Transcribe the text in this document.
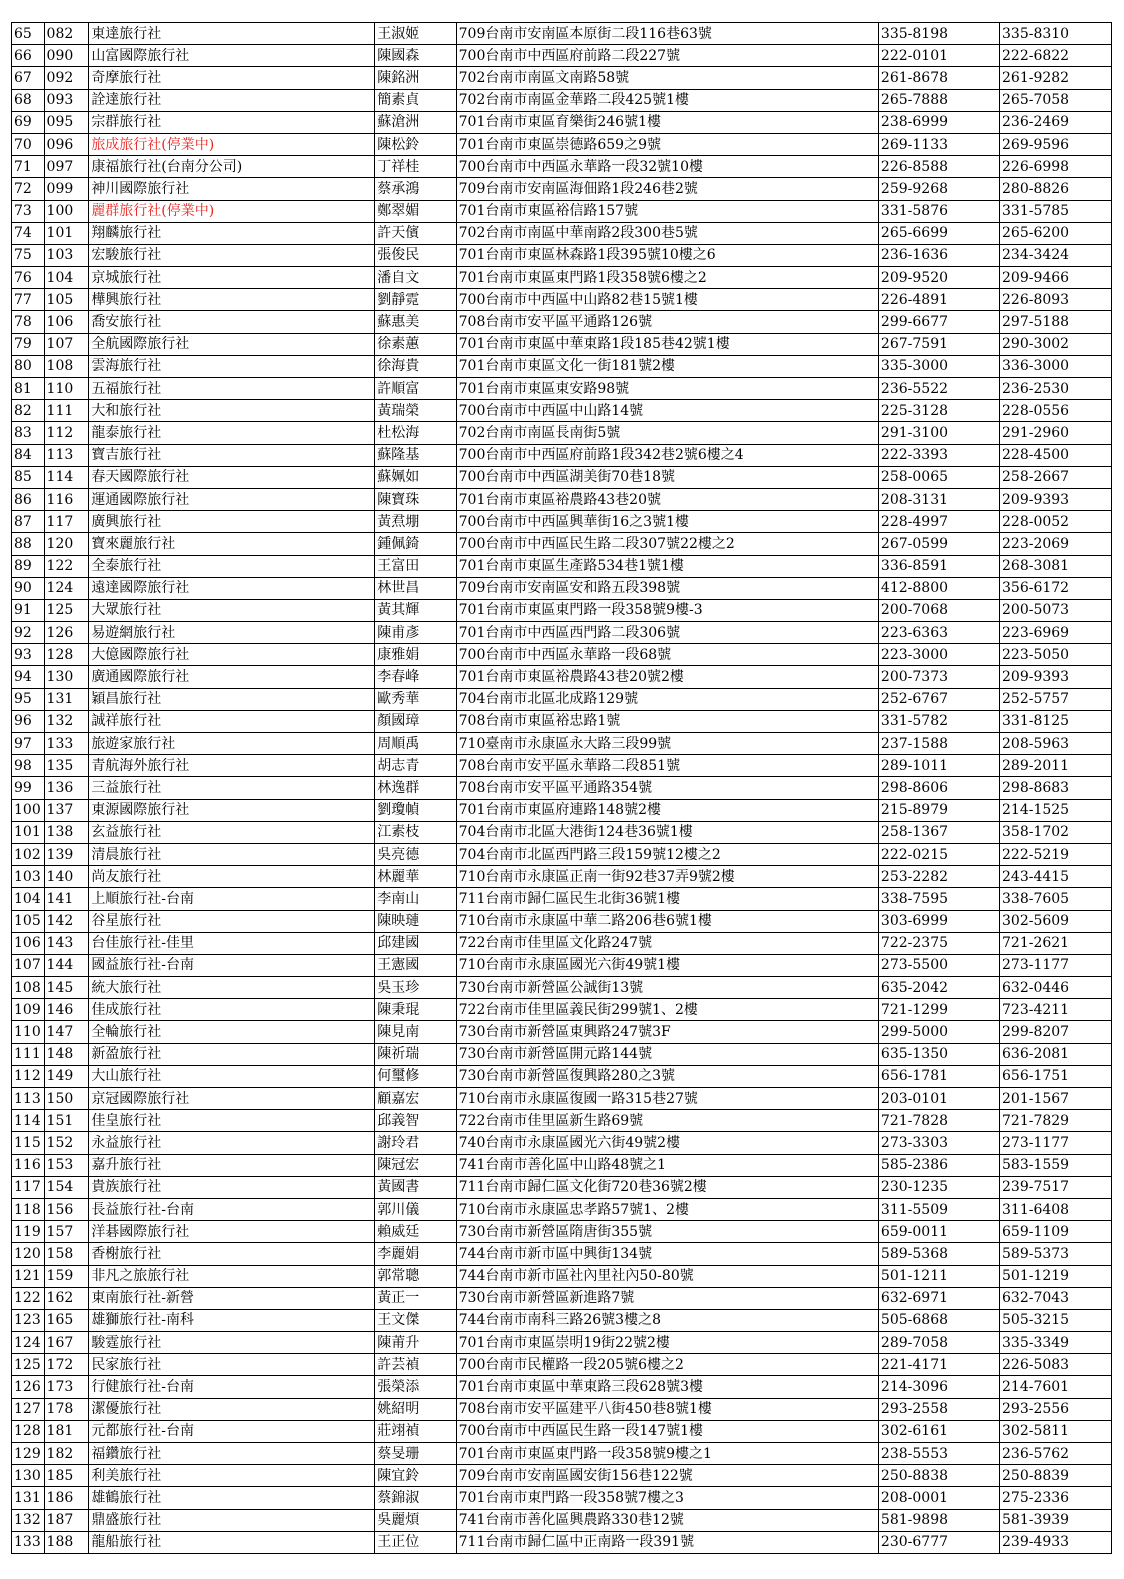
65	082	東達旅行社	王淑姬	709台南市安南區本原街二段116巷63號	335-8198	335-8310
66	090	山富國際旅行社	陳國森	700台南市中西區府前路二段227號	222-0101	222-6822
67	092	奇摩旅行社	陳銘洲	702台南市南區文南路58號	261-8678	261-9282
68	093	詮達旅行社	簡素貞	702台南市南區金華路二段425號1樓	265-7888	265-7058
69	095	宗群旅行社	蘇滄洲	701台南市東區育樂街246號1樓	238-6999	236-2469
70	096	旅成旅行社(停業中)	陳松鈴	701台南市東區崇德路659之9號	269-1133	269-9596
71	097	康福旅行社(台南分公司)	丁祥桂	700台南市中西區永華路一段32號10樓	226-8588	226-6998
72	099	神川國際旅行社	蔡承鴻	709台南市安南區海佃路1段246巷2號	259-9268	280-8826
73	100	麗群旅行社(停業中)	鄭翠媚	701台南市東區裕信路157號	331-5876	331-5785
74	101	翔麟旅行社	許天儐	702台南市南區中華南路2段300巷5號	265-6699	265-6200
75	103	宏駿旅行社	張俊民	701台南市東區林森路1段395號10樓之6	236-1636	234-3424
76	104	京城旅行社	潘自文	701台南市東區東門路1段358號6樓之2	209-9520	209-9466
77	105	樺興旅行社	劉靜霓	700台南市中西區中山路82巷15號1樓	226-4891	226-8093
78	106	喬安旅行社	蘇惠美	708台南市安平區平通路126號	299-6677	297-5188
79	107	全航國際旅行社	徐素蕙	701台南市東區中華東路1段185巷42號1樓	267-7591	290-3002
80	108	雲海旅行社	徐海貴	701台南市東區文化一街181號2樓	335-3000	336-3000
81	110	五福旅行社	許順富	701台南市東區東安路98號	236-5522	236-2530
82	111	大和旅行社	黃瑞榮	700台南市中西區中山路14號	225-3128	228-0556
83	112	龍泰旅行社	杜松海	702台南市南區長南街5號	291-3100	291-2960
84	113	寶吉旅行社	蘇隆基	700台南市中西區府前路1段342巷2號6樓之4	222-3393	228-4500
85	114	春天國際旅行社	蘇姵如	700台南市中西區湖美街70巷18號	258-0065	258-2667
86	116	運通國際旅行社	陳寶珠	701台南市東區裕農路43巷20號	208-3131	209-9393
87	117	廣興旅行社	黃焄堋	700台南市中西區興華街16之3號1樓	228-4997	228-0052
88	120	寶來麗旅行社	鍾佩錡	700台南市中西區民生路二段307號22樓之2	267-0599	223-2069
89	122	全泰旅行社	王富田	701台南市東區生產路534巷1號1樓	336-8591	268-3081
90	124	遠達國際旅行社	林世昌	709台南市安南區安和路五段398號	412-8800	356-6172
91	125	大眾旅行社	黃其輝	701台南市東區東門路一段358號9樓-3	200-7068	200-5073
92	126	易遊網旅行社	陳甫彥	701台南市中西區西門路二段306號	223-6363	223-6969
93	128	大億國際旅行社	康雅娟	700台南市中西區永華路一段68號	223-3000	223-5050
94	130	廣通國際旅行社	李春峰	701台南市東區裕農路43巷20號2樓	200-7373	209-9393
95	131	穎昌旅行社	歐秀華	704台南市北區北成路129號	252-6767	252-5757
96	132	誠祥旅行社	顏國璋	708台南市東區裕忠路1號	331-5782	331-8125
97	133	旅遊家旅行社	周順禹	710臺南市永康區永大路三段99號	237-1588	208-5963
98	135	青航海外旅行社	胡志青	708台南市安平區永華路二段851號	289-1011	289-2011
99	136	三益旅行社	林逸群	708台南市安平區平通路354號	298-8606	298-8683
100	137	東源國際旅行社	劉瓊幀	701台南市東區府連路148號2樓	215-8979	214-1525
101	138	玄益旅行社	江素枝	704台南市北區大港街124巷36號1樓	258-1367	358-1702
102	139	清晨旅行社	吳亮德	704台南市北區西門路三段159號12樓之2	222-0215	222-5219
103	140	尚友旅行社	林麗華	710台南市永康區正南一街92巷37弄9號2樓	253-2282	243-4415
104	141	上順旅行社-台南	李南山	711台南市歸仁區民生北街36號1樓	338-7595	338-7605
105	142	谷星旅行社	陳映璉	710台南市永康區中華二路206巷6號1樓	303-6999	302-5609
106	143	台佳旅行社-佳里	邱建國	722台南市佳里區文化路247號	722-2375	721-2621
107	144	國益旅行社-台南	王憲國	710台南市永康區國光六街49號1樓	273-5500	273-1177
108	145	統大旅行社	吳玉珍	730台南市新營區公誠街13號	635-2042	632-0446
109	146	佳成旅行社	陳秉琨	722台南市佳里區義民街299號1、2樓	721-1299	723-4211
110	147	全輪旅行社	陳見南	730台南市新營區東興路247號3F	299-5000	299-8207
111	148	新盈旅行社	陳祈瑞	730台南市新營區開元路144號	635-1350	636-2081
112	149	大山旅行社	何璽修	730台南市新營區復興路280之3號	656-1781	656-1751
113	150	京冠國際旅行社	顧嘉宏	710台南市永康區復國一路315巷27號	203-0101	201-1567
114	151	佳皇旅行社	邱義智	722台南市佳里區新生路69號	721-7828	721-7829
115	152	永益旅行社	謝玲君	740台南市永康區國光六街49號2樓	273-3303	273-1177
116	153	嘉升旅行社	陳冠宏	741台南市善化區中山路48號之1	585-2386	583-1559
117	154	貴族旅行社	黃國書	711台南市歸仁區文化街720巷36號2樓	230-1235	239-7517
118	156	長益旅行社-台南	郭川儀	710台南市永康區忠孝路57號1、2樓	311-5509	311-6408
119	157	洋碁國際旅行社	賴威廷	730台南市新營區隋唐街355號	659-0011	659-1109
120	158	香榭旅行社	李麗娟	744台南市新市區中興街134號	589-5368	589-5373
121	159	非凡之旅旅行社	郭常聰	744台南市新市區社內里社內50-80號	501-1211	501-1219
122	162	東南旅行社-新營	黃正一	730台南市新營區新進路7號	632-6971	632-7043
123	165	雄獅旅行社-南科	王文傑	744台南市南科三路26號3樓之8	505-6868	505-3215
124	167	駿霆旅行社	陳莆升	701台南市東區崇明19街22號2樓	289-7058	335-3349
125	172	民家旅行社	許芸禎	700台南市民權路一段205號6樓之2	221-4171	226-5083
126	173	行健旅行社-台南	張榮添	701台南市東區中華東路三段628號3樓	214-3096	214-7601
127	178	潔優旅行社	姚紹明	708台南市安平區建平八街450巷8號1樓	293-2558	293-2556
128	181	元都旅行社-台南	莊翊禎	700台南市中西區民生路一段147號1樓	302-6161	302-5811
129	182	福鑽旅行社	蔡旻珊	701台南市東區東門路一段358號9樓之1	238-5553	236-5762
130	185	利美旅行社	陳宜鈴	709台南市安南區國安街156巷122號	250-8838	250-8839
131	186	雄鶴旅行社	蔡錦淑	701台南市東門路一段358號7樓之3	208-0001	275-2336
132	187	鼎盛旅行社	吳麗煩	741台南市善化區興農路330巷12號	581-9898	581-3939
133	188	龍船旅行社	王正位	711台南市歸仁區中正南路一段391號	230-6777	239-4933
